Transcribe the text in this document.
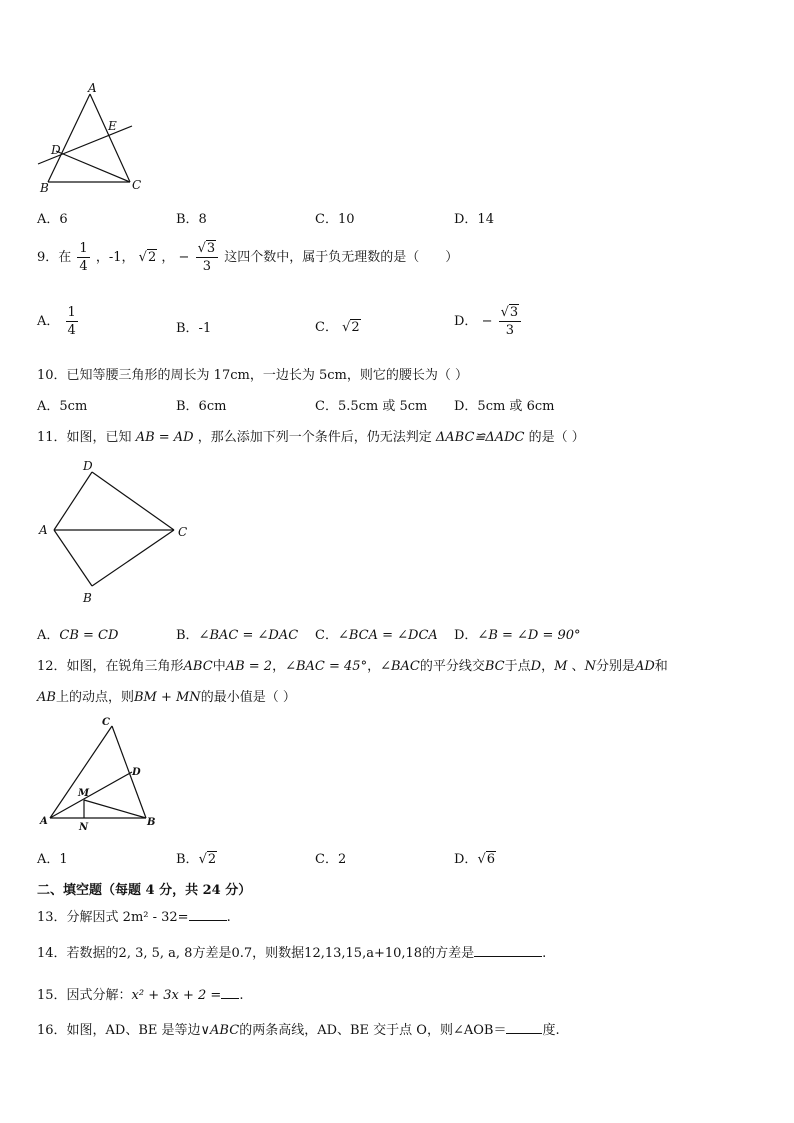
A
E
D
B	C
A．6	B．8	C．10	D．14
9．在 $\frac{1}{4}$ ，-1， √2 ， − $\frac{√3}{3}$ 这四个数中，属于负无理数的是（　　）
A． $\frac{1}{4}$	B．-1	C． √2	D． − $\frac{√3}{3}$
10．已知等腰三角形的周长为 17cm，一边长为 5cm，则它的腰长为（ ）
A．5cm	B．6cm	C．5.5cm 或 5cm D．5cm 或 6cm
11．如图，已知 AB = AD ，那么添加下列一个条件后，仍无法判定 ΔABC≌ΔADC 的是（ ）
D
A	C
B
A．CB = CD	B．∠BAC = ∠DAC C．∠BCA = ∠DCA D．∠B = ∠D = 90°
12．如图，在锐角三角形ABC中AB = 2，∠BAC = 45°，∠BAC的平分线交BC于点D，M 、N分别是AD和
AB上的动点，则BM + MN的最小值是（ ）
C
D
M
A
N	B
A．1	B．√2	C．2	D．√6
二、填空题（每题 4 分，共 24 分）
13．分解因式 2m² - 32=	.
14．若数据的2, 3, 5, a, 8方差是0.7，则数据12,13,15,a+10,18的方差是	.
15．因式分解：x² + 3x + 2 = .
16．如图，AD、BE 是等边∨ABC的两条高线，AD、BE 交于点 O，则∠AOB＝	度.
